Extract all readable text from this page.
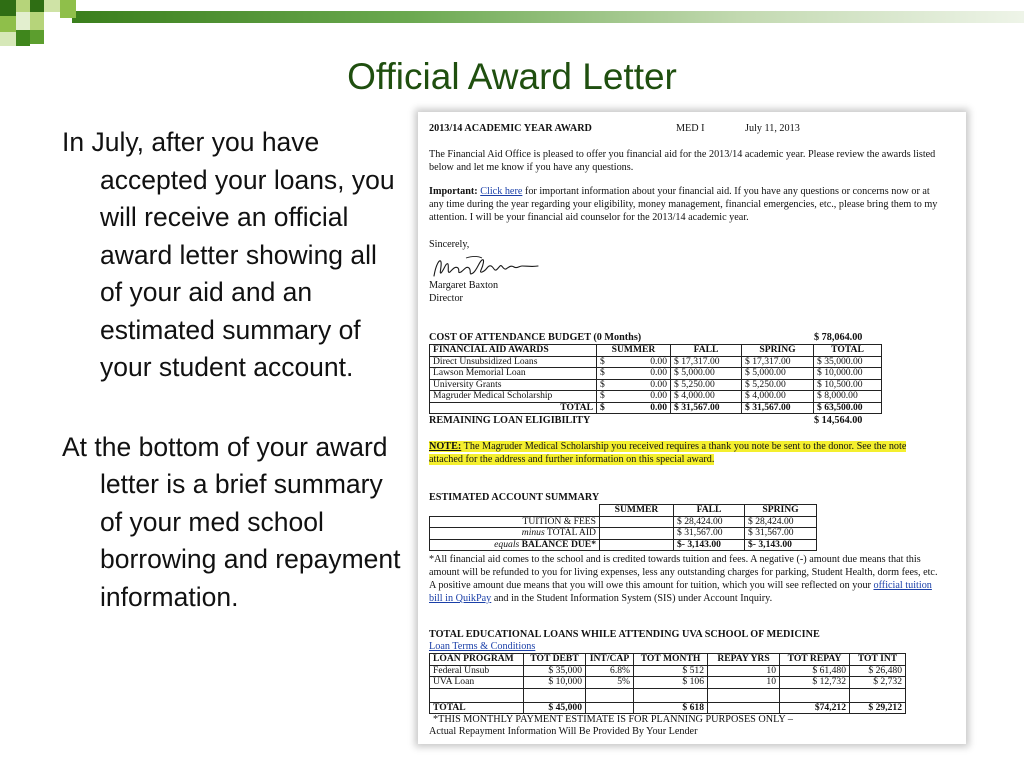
Official Award Letter

In July, after you have accepted your loans, you will receive an official award letter showing all of your aid and an estimated summary of your student account.

At the bottom of your award letter is a brief summary of your med school borrowing and repayment information.

2013/14 ACADEMIC YEAR AWARD	MED I	July 11, 2013
The Financial Aid Office is pleased to offer you financial aid for the 2013/14 academic year. Please review the awards listed
below and let me know if you have any questions.
Important: Click here for important information about your financial aid. If you have any questions or concerns now or at
any time during the year regarding your eligibility, money management, financial emergencies, etc., please bring them to my
attention. I will be your financial aid counselor for the 2013/14 academic year.
Sincerely,
Margaret Baxton
Director
COST OF ATTENDANCE BUDGET (0 Months)	$ 78,064.00
FINANCIAL AID AWARDS	SUMMER		FALL	SPRING	TOTAL
Direct Unsubsidized Loans	$	0.00	$ 17,317.00	$ 17,317.00	$ 35,000.00
Lawson Memorial Loan	$	0.00	$ 5,000.00	$ 5,000.00	$ 10,000.00
University Grants	$	0.00	$ 5,250.00	$ 5,250.00	$ 10,500.00
Magruder Medical Scholarship	$	0.00	$ 4,000.00	$ 4,000.00	$ 8,000.00
TOTAL	$	0.00	$ 31,567.00	$ 31,567.00	$ 63,500.00
REMAINING LOAN ELIGIBILITY	$ 14,564.00
NOTE: The Magruder Medical Scholarship you received requires a thank you note be sent to the donor. See the note
attached for the address and further information on this special award.
ESTIMATED ACCOUNT SUMMARY
	SUMMER	FALL	SPRING
TUITION & FEES		$ 28,424.00	$ 28,424.00
minus TOTAL AID		$ 31,567.00	$ 31,567.00
equals BALANCE DUE*		$- 3,143.00	$- 3,143.00
*All financial aid comes to the school and is credited towards tuition and fees. A negative (-) amount due means that this
amount will be refunded to you for living expenses, less any outstanding charges for parking, Student Health, dorm fees, etc.
A positive amount due means that you will owe this amount for tuition, which you will see reflected on your official tuition
bill in QuikPay and in the Student Information System (SIS) under Account Inquiry.
TOTAL EDUCATIONAL LOANS WHILE ATTENDING UVA SCHOOL OF MEDICINE
Loan Terms & Conditions
LOAN PROGRAM	TOT DEBT	INT/CAP	TOT MONTH	REPAY YRS	TOT REPAY	TOT INT
Federal Unsub	$ 35,000	6.8%	$ 512	10	$ 61,480	$ 26,480
UVA Loan	$ 10,000	5%	$ 106	10	$ 12,732	$ 2,732

TOTAL	$ 45,000		$ 618		$74,212	$ 29,212
*THIS MONTHLY PAYMENT ESTIMATE IS FOR PLANNING PURPOSES ONLY –
Actual Repayment Information Will Be Provided By Your Lender
